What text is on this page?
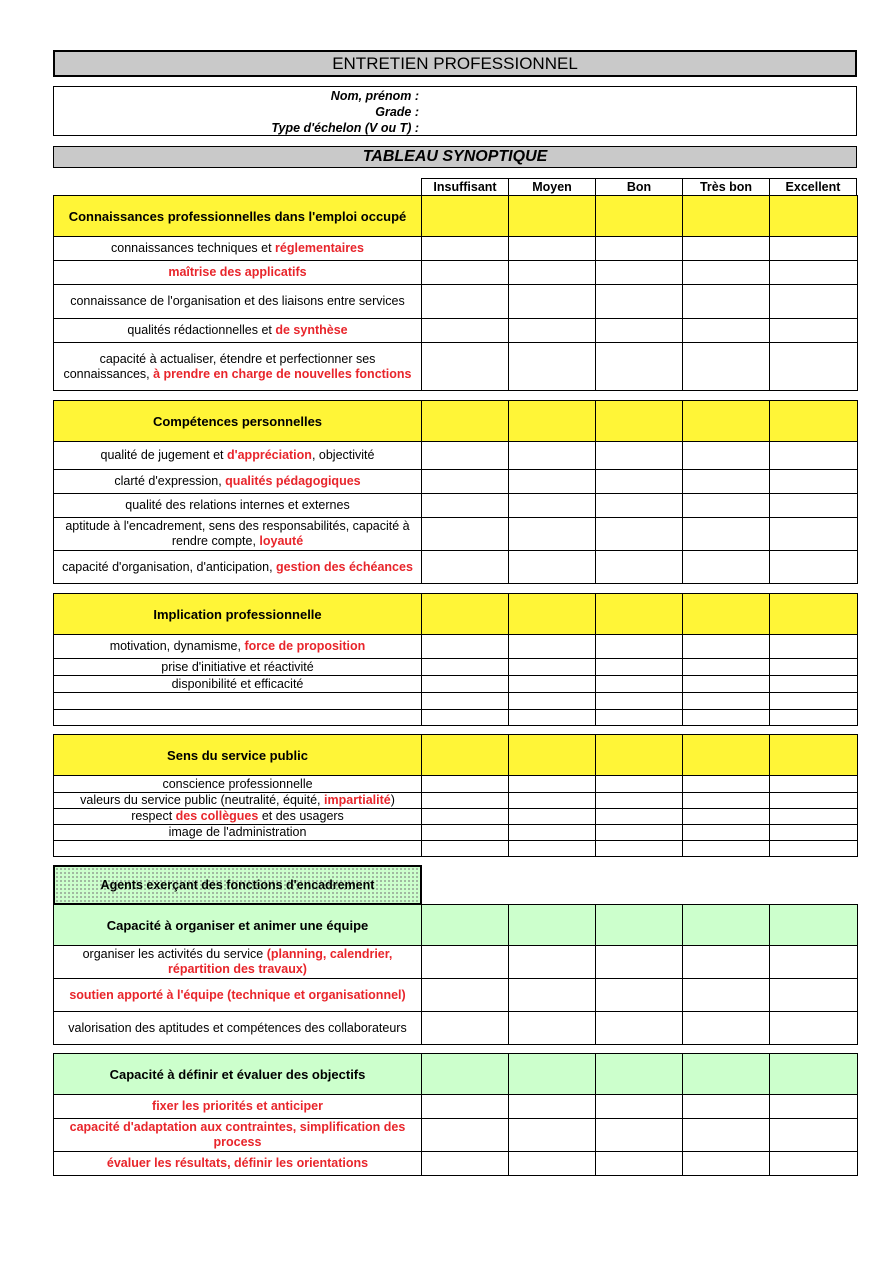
ENTRETIEN PROFESSIONNEL
Nom, prénom :
Grade :
Type d'échelon (V ou T) :
TABLEAU SYNOPTIQUE
Insuffisant	Moyen	Bon	Très bon	Excellent
Connaissances professionnelles dans l'emploi occupé					
connaissances techniques et réglementaires					
maîtrise des applicatifs					
connaissance de l'organisation et des liaisons entre services					
qualités rédactionnelles et de synthèse					
capacité à actualiser, étendre et perfectionner ses connaissances, à prendre en charge de nouvelles fonctions					
Compétences personnelles					
qualité de jugement et d'appréciation, objectivité					
clarté d'expression, qualités pédagogiques					
qualité des relations internes et externes					
aptitude à l'encadrement, sens des responsabilités, capacité à rendre compte, loyauté					
capacité d'organisation, d'anticipation, gestion des échéances					
Implication professionnelle					
motivation, dynamisme, force de proposition					
prise d'initiative et réactivité					
disponibilité et efficacité					

Sens du service public					
conscience professionnelle					
valeurs du service public (neutralité, équité, impartialité)					
respect des collègues et des usagers					
image de l'administration					

Agents exerçant des fonctions d'encadrement
Capacité à organiser et animer une équipe					
organiser les activités du service (planning, calendrier, répartition des travaux)					
soutien apporté à l'équipe (technique et organisationnel)					
valorisation des aptitudes et compétences des collaborateurs					
Capacité à définir et évaluer des objectifs					
fixer les priorités et anticiper					
capacité d'adaptation aux contraintes, simplification des process					
évaluer les résultats, définir les orientations					
